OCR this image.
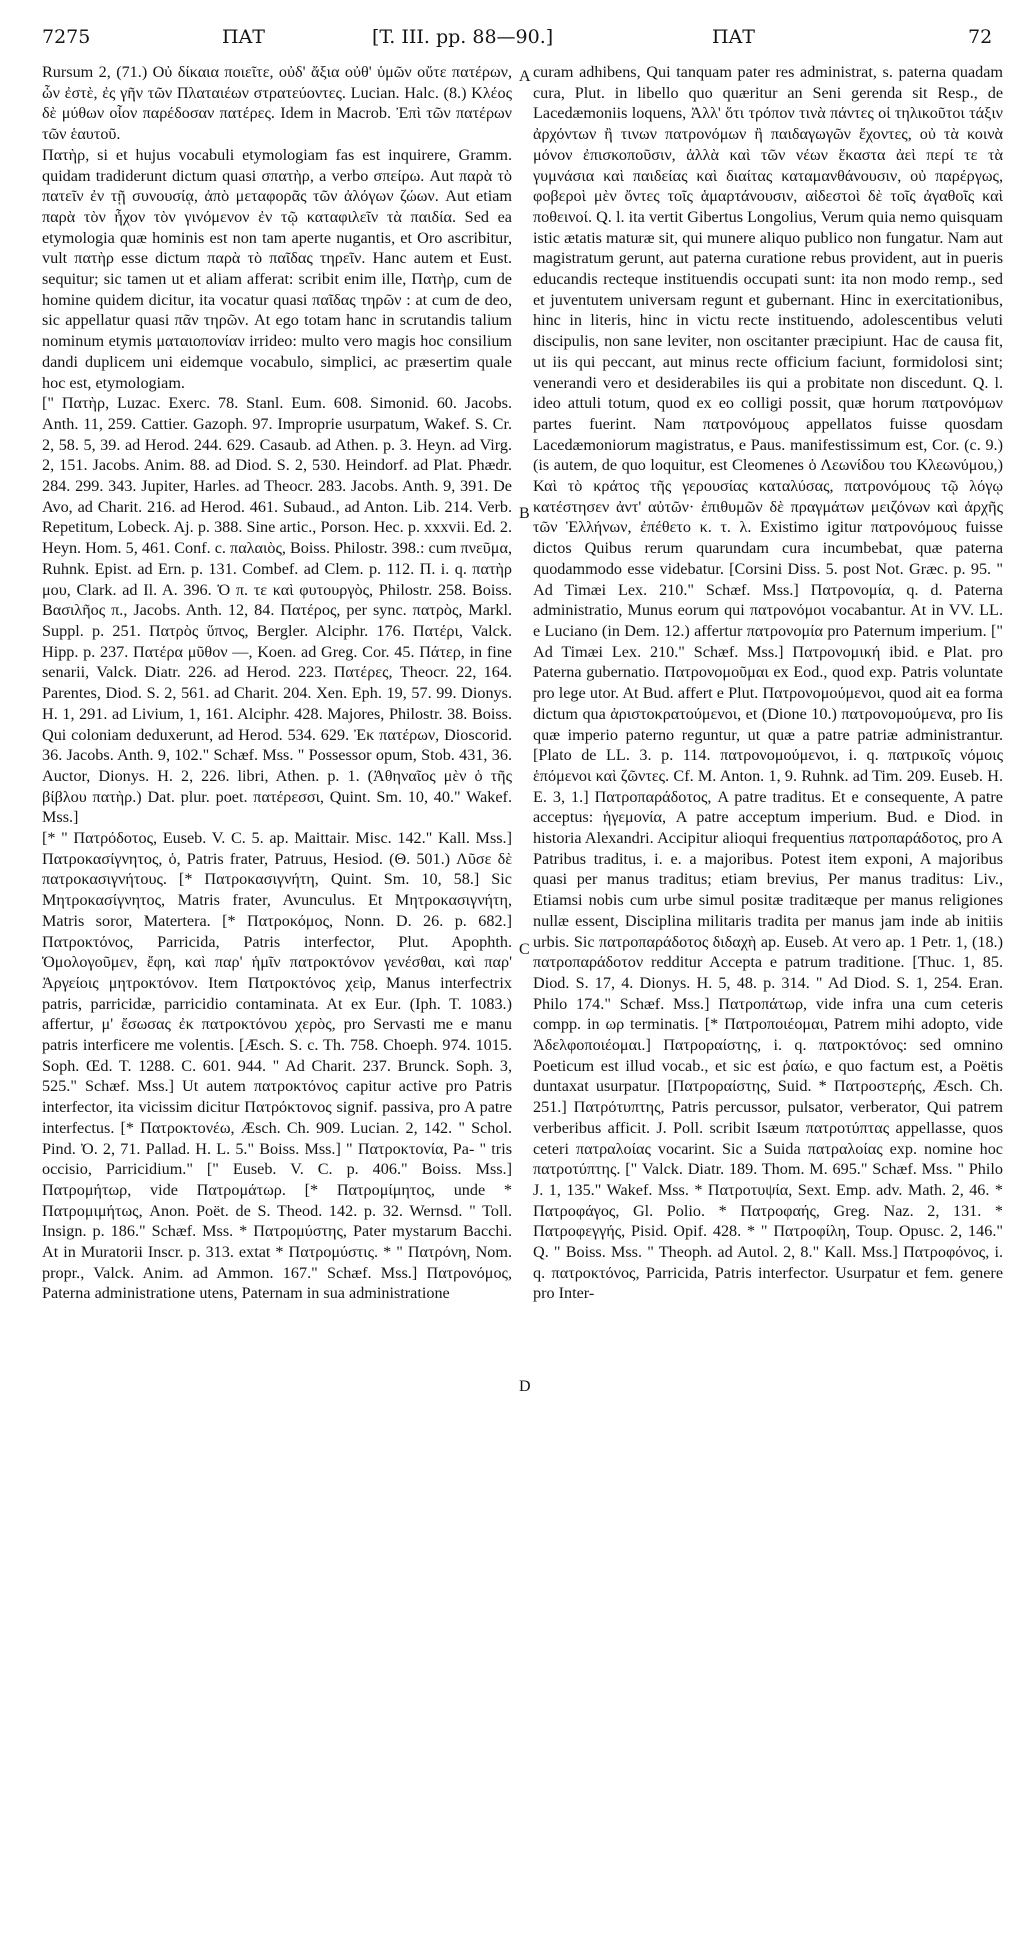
7275	ΠΑΤ	[T. III. pp. 88—90.]	ΠΑΤ	72
A
B
C
D

Rursum 2, (71.) Οὐ δίκαια ποιεῖτε, οὐδ' ἄξια οὐθ' ὑμῶν οὔτε πατέρων, ὧν ἐστὲ, ἐς γῆν τῶν Πλαταιέων στρατεύοντες. Lucian. Halc. (8.) Κλέος δὲ μύθων οἷον παρέδοσαν πατέρες. Idem in Macrob. Ἐπὶ τῶν πατέρων τῶν ἑαυτοῦ.

Πατὴρ, si et hujus vocabuli etymologiam fas est inquirere, Gramm. quidam tradiderunt dictum quasi σπατὴρ, a verbo σπείρω. Aut παρὰ τὸ πατεῖν ἐν τῇ συνουσίᾳ, ἀπὸ μεταφορᾶς τῶν ἀλόγων ζώων. Aut etiam παρὰ τὸν ἦχον τὸν γινόμενον ἐν τῷ καταφιλεῖν τὰ παιδία. Sed ea etymologia quæ hominis est non tam aperte nugantis, et Oro ascribitur, vult πατὴρ esse dictum παρὰ τὸ παῖδας τηρεῖν. Hanc autem et Eust. sequitur; sic tamen ut et aliam afferat: scribit enim ille, Πατὴρ, cum de homine quidem dicitur, ita vocatur quasi παῖδας τηρῶν : at cum de deo, sic appellatur quasi πᾶν τηρῶν. At ego totam hanc in scrutandis talium nominum etymis ματαιοπονίαν irrideo: multo vero magis hoc consilium dandi duplicem uni eidemque vocabulo, simplici, ac præsertim quale hoc est, etymologiam.

[" Πατὴρ, Luzac. Exerc. 78. Stanl. Eum. 608. Simonid. 60. Jacobs. Anth. 11, 259. Cattier. Gazoph. 97. Improprie usurpatum, Wakef. S. Cr. 2, 58. 5, 39. ad Herod. 244. 629. Casaub. ad Athen. p. 3. Heyn. ad Virg. 2, 151. Jacobs. Anim. 88. ad Diod. S. 2, 530. Heindorf. ad Plat. Phædr. 284. 299. 343. Jupiter, Harles. ad Theocr. 283. Jacobs. Anth. 9, 391. De Avo, ad Charit. 216. ad Herod. 461. Subaud., ad Anton. Lib. 214. Verb. Repetitum, Lobeck. Aj. p. 388. Sine artic., Porson. Hec. p. xxxvii. Ed. 2. Heyn. Hom. 5, 461. Conf. c. παλαιὸς, Boiss. Philostr. 398.: cum πνεῦμα, Ruhnk. Epist. ad Ern. p. 131. Combef. ad Clem. p. 112. Π. i. q. πατὴρ μου, Clark. ad Il. A. 396. Ὁ π. τε καὶ φυτουργὸς, Philostr. 258. Boiss. Βασιλῆος π., Jacobs. Anth. 12, 84. Πατέρος, per sync. πατρὸς, Markl. Suppl. p. 251. Πατρὸς ὕπνος, Bergler. Alciphr. 176. Πατέρι, Valck. Hipp. p. 237. Πατέρα μῦθον —, Koen. ad Greg. Cor. 45. Πάτερ, in fine senarii, Valck. Diatr. 226. ad Herod. 223. Πατέρες, Theocr. 22, 164. Parentes, Diod. S. 2, 561. ad Charit. 204. Xen. Eph. 19, 57. 99. Dionys. H. 1, 291. ad Livium, 1, 161. Alciphr. 428. Majores, Philostr. 38. Boiss. Qui coloniam deduxerunt, ad Herod. 534. 629. Ἐκ πατέρων, Dioscorid. 36. Jacobs. Anth. 9, 102." Schæf. Mss. " Possessor opum, Stob. 431, 36. Auctor, Dionys. H. 2, 226. libri, Athen. p. 1. (Ἀθηναῖος μὲν ὁ τῆς βίβλου πατὴρ.) Dat. plur. poet. πατέρεσσι, Quint. Sm. 10, 40." Wakef. Mss.]

[* " Πατρόδοτος, Euseb. V. C. 5. ap. Maittair. Misc. 142." Kall. Mss.] Πατροκασίγνητος, ὁ, Patris frater, Patruus, Hesiod. (Θ. 501.) Λῦσε δὲ πατροκασιγνήτους. [* Πατροκασιγνήτη, Quint. Sm. 10, 58.] Sic Μητροκασίγνητος, Matris frater, Avunculus. Et Μητροκασιγνήτη, Matris soror, Matertera. [* Πατροκόμος, Nonn. D. 26. p. 682.] Πατροκτόνος, Parricida, Patris interfector, Plut. Apophth. Ὁμολογοῦμεν, ἔφη, καὶ παρ' ἡμῖν πατροκτόνον γενέσθαι, καὶ παρ' Ἀργείοις μητροκτόνον. Item Πατροκτόνος χεὶρ, Manus interfectrix patris, parricidæ, parricidio contaminata. At ex Eur. (Iph. T. 1083.) affertur, μ' ἔσωσας ἐκ πατροκτόνου χερὸς, pro Servasti me e manu patris interficere me volentis. [Æsch. S. c. Th. 758. Choeph. 974. 1015. Soph. Œd. T. 1288. C. 601. 944. " Ad Charit. 237. Brunck. Soph. 3, 525." Schæf. Mss.] Ut autem πατροκτόνος capitur active pro Patris interfector, ita vicissim dicitur Πατρόκτονος signif. passiva, pro A patre interfectus. [* Πατροκτονέω, Æsch. Ch. 909. Lucian. 2, 142. " Schol. Pind. Ὀ. 2, 71. Pallad. H. L. 5." Boiss. Mss.] " Πατροκτονία, Pa- " tris occisio, Parricidium." [" Euseb. V. C. p. 406." Boiss. Mss.] Πατρομήτωρ, vide Πατρομάτωρ. [* Πατρομίμητος, unde * Πατρομιμήτως, Anon. Poët. de S. Theod. 142. p. 32. Wernsd. " Toll. Insign. p. 186." Schæf. Mss. * Πατρομύστης, Pater mystarum Bacchi. At in Muratorii Inscr. p. 313. extat * Πατρομύστις. * " Πατρόνη, Nom. propr., Valck. Anim. ad Ammon. 167." Schæf. Mss.] Πατρονόμος, Paterna administratione utens, Paternam in sua administratione

curam adhibens, Qui tanquam pater res administrat, s. paterna quadam cura, Plut. in libello quo quæritur an Seni gerenda sit Resp., de Lacedæmoniis loquens, Ἀλλ' ὅτι τρόπον τινὰ πάντες οἱ τηλικοῦτοι τάξιν ἀρχόντων ἢ τινων πατρονόμων ἢ παιδαγωγῶν ἔχοντες, οὐ τὰ κοινὰ μόνον ἐπισκοποῦσιν, ἀλλὰ καὶ τῶν νέων ἕκαστα ἀεὶ περί τε τὰ γυμνάσια καὶ παιδείας καὶ διαίτας καταμανθάνουσιν, οὐ παρέργως, φοβεροὶ μὲν ὄντες τοῖς ἁμαρτάνουσιν, αἰδεστοὶ δὲ τοῖς ἀγαθοῖς καὶ ποθεινοί. Q. l. ita vertit Gibertus Longolius, Verum quia nemo quisquam istic ætatis maturæ sit, qui munere aliquo publico non fungatur. Nam aut magistratum gerunt, aut paterna curatione rebus provident, aut in pueris educandis recteque instituendis occupati sunt: ita non modo remp., sed et juventutem universam regunt et gubernant. Hinc in exercitationibus, hinc in literis, hinc in victu recte instituendo, adolescentibus veluti discipulis, non sane leviter, non oscitanter præcipiunt. Hac de causa fit, ut iis qui peccant, aut minus recte officium faciunt, formidolosi sint; venerandi vero et desiderabiles iis qui a probitate non discedunt. Q. l. ideo attuli totum, quod ex eo colligi possit, quæ horum πατρονόμων partes fuerint. Nam πατρονόμους appellatos fuisse quosdam Lacedæmoniorum magistratus, e Paus. manifestissimum est, Cor. (c. 9.) (is autem, de quo loquitur, est Cleomenes ὁ Λεωνίδου του Κλεωνύμου,) Καὶ τὸ κράτος τῆς γερουσίας καταλύσας, πατρονόμους τῷ λόγῳ κατέστησεν ἀντ' αὐτῶν· ἐπιθυμῶν δὲ πραγμάτων μειζόνων καὶ ἀρχῆς τῶν Ἑλλήνων, ἐπέθετο κ. τ. λ. Existimo igitur πατρονόμους fuisse dictos Quibus rerum quarundam cura incumbebat, quæ paterna quodammodo esse videbatur. [Corsini Diss. 5. post Not. Græc. p. 95. " Ad Timæi Lex. 210." Schæf. Mss.] Πατρονομία, q. d. Paterna administratio, Munus eorum qui πατρονόμοι vocabantur. At in VV. LL. e Luciano (in Dem. 12.) affertur πατρονομία pro Paternum imperium. [" Ad Timæi Lex. 210." Schæf. Mss.] Πατρονομική ibid. e Plat. pro Paterna gubernatio. Πατρονομοῦμαι ex Eod., quod exp. Patris voluntate pro lege utor. At Bud. affert e Plut. Πατρονομούμενοι, quod ait ea forma dictum qua ἀριστοκρατούμενοι, et (Dione 10.) πατρονομούμενα, pro Iis quæ imperio paterno reguntur, ut quæ a patre patriæ administrantur. [Plato de LL. 3. p. 114. πατρονομούμενοι, i. q. πατρικοῖς νόμοις ἑπόμενοι καὶ ζῶντες. Cf. M. Anton. 1, 9. Ruhnk. ad Tim. 209. Euseb. H. E. 3, 1.] Πατροπαράδοτος, A patre traditus. Et e consequente, A patre acceptus: ἡγεμονία, A patre acceptum imperium. Bud. e Diod. in historia Alexandri. Accipitur alioqui frequentius πατροπαράδοτος, pro A Patribus traditus, i. e. a majoribus. Potest item exponi, A majoribus quasi per manus traditus; etiam brevius, Per manus traditus: Liv., Etiamsi nobis cum urbe simul positæ traditæque per manus religiones nullæ essent, Disciplina militaris tradita per manus jam inde ab initiis urbis. Sic πατροπαράδοτος διδαχὴ ap. Euseb. At vero ap. 1 Petr. 1, (18.) πατροπαράδοτον redditur Accepta e patrum traditione. [Thuc. 1, 85. Diod. S. 17, 4. Dionys. H. 5, 48. p. 314. " Ad Diod. S. 1, 254. Eran. Philo 174." Schæf. Mss.] Πατροπάτωρ, vide infra una cum ceteris compp. in ωρ terminatis. [* Πατροποιέομαι, Patrem mihi adopto, vide Ἀδελφοποιέομαι.] Πατροραίστης, i. q. πατροκτόνος: sed omnino Poeticum est illud vocab., et sic est ῥαίω, e quo factum est, a Poëtis duntaxat usurpatur. [Πατροραίστης, Suid. * Πατροστερής, Æsch. Ch. 251.] Πατρότυπτης, Patris percussor, pulsator, verberator, Qui patrem verberibus afficit. J. Poll. scribit Isæum πατροτύπτας appellasse, quos ceteri πατραλοίας vocarint. Sic a Suida πατραλοίας exp. nomine hoc πατροτύπτης. [" Valck. Diatr. 189. Thom. M. 695." Schæf. Mss. " Philo J. 1, 135." Wakef. Mss. * Πατροτυψία, Sext. Emp. adv. Math. 2, 46. * Πατροφάγος, Gl. Polio. * Πατροφαής, Greg. Naz. 2, 131. * Πατροφεγγής, Pisid. Opif. 428. * " Πατροφίλη, Toup. Opusc. 2, 146." Q. " Boiss. Mss. " Theoph. ad Autol. 2, 8." Kall. Mss.] Πατροφόνος, i. q. πατροκτόνος, Parricida, Patris interfector. Usurpatur et fem. genere pro Inter-
